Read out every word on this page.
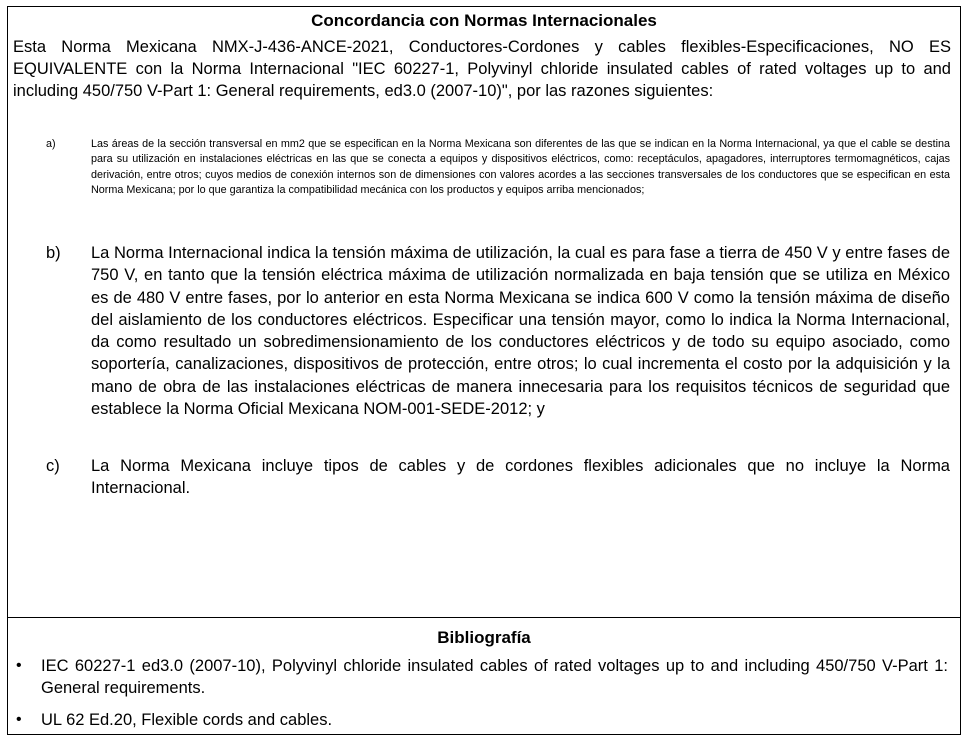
Concordancia con Normas Internacionales

Esta Norma Mexicana NMX-J-436-ANCE-2021, Conductores-Cordones y cables flexibles-Especificaciones, NO ES EQUIVALENTE con la Norma Internacional "IEC 60227-1, Polyvinyl chloride insulated cables of rated voltages up to and including 450/750 V-Part 1: General requirements, ed3.0 (2007-10)", por las razones siguientes:

a)	Las áreas de la sección transversal en mm2 que se especifican en la Norma Mexicana son diferentes de las que se indican en la Norma Internacional, ya que el cable se destina para su utilización en instalaciones eléctricas en las que se conecta a equipos y dispositivos eléctricos, como: receptáculos, apagadores, interruptores termomagnéticos, cajas derivación, entre otros; cuyos medios de conexión internos son de dimensiones con valores acordes a las secciones transversales de los conductores que se especifican en esta Norma Mexicana; por lo que garantiza la compatibilidad mecánica con los productos y equipos arriba mencionados;

b) La Norma Internacional indica la tensión máxima de utilización, la cual es para fase a tierra de 450 V y entre fases de 750 V, en tanto que la tensión eléctrica máxima de utilización normalizada en baja tensión que se utiliza en México es de 480 V entre fases, por lo anterior en esta Norma Mexicana se indica 600 V como la tensión máxima de diseño del aislamiento de los conductores eléctricos. Especificar una tensión mayor, como lo indica la Norma Internacional, da como resultado un sobredimensionamiento de los conductores eléctricos y de todo su equipo asociado, como soportería, canalizaciones, dispositivos de protección, entre otros; lo cual incrementa el costo por la adquisición y la mano de obra de las instalaciones eléctricas de manera innecesaria para los requisitos técnicos de seguridad que establece la Norma Oficial Mexicana NOM-001-SEDE-2012; y

c) La Norma Mexicana incluye tipos de cables y de cordones flexibles adicionales que no incluye la Norma Internacional.

Bibliografía

• IEC 60227-1 ed3.0 (2007-10), Polyvinyl chloride insulated cables of rated voltages up to and including 450/750 V-Part 1: General requirements.
• UL 62 Ed.20, Flexible cords and cables.
